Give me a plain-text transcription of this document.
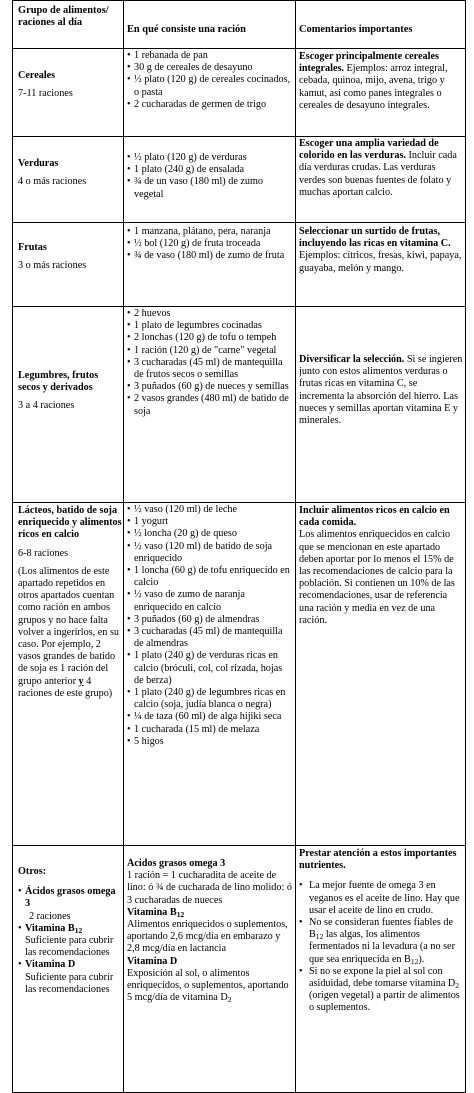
Grupo de alimentos/ raciones al día
En qué consiste una ración	Comentarios importantes

Cereales

7-11 raciones

• 1 rebanada de pan
• 30 g de cereales de desayuno
• ½ plato (120 g) de cereales cocinados, o pasta
• 2 cucharadas de germen de trigo
Escoger principalmente cereales integrales. Ejemplos: arroz integral, cebada, quinoa, mijo, avena, trigo y kamut, así como panes integrales o cereales de desayuno integrales.

Verduras

4 o más raciones

• ½ plato (120 g) de verduras
• 1 plato (240 g) de ensalada
• ¾ de un vaso (180 ml) de zumo vegetal
Escoger una amplia variedad de colorido en las verduras. Incluir cada día verduras crudas. Las verduras verdes son buenas fuentes de folato y muchas aportan calcio.

Frutas

3 o más raciones

• 1 manzana, plátano, pera, naranja
• ½ bol (120 g) de fruta troceada
• ¾ de vaso (180 ml) de zumo de fruta
Seleccionar un surtido de frutas, incluyendo las ricas en vitamina C. Ejemplos: cítricos, fresas, kiwi, papaya, guayaba, melón y mango.

Legumbres, frutos secos y derivados

3 a 4 raciones

• 2 huevos
• 1 plato de legumbres cocinadas
• 2 lonchas (120 g) de tofu o tempeh
• 1 ración (120 g) de "carne" vegetal
• 3 cucharadas (45 ml) de mantequilla de frutos secos o semillas
• 3 puñados (60 g) de nueces y semillas
• 2 vasos grandes (480 ml) de batido de soja
Diversificar la selección. Si se ingieren junto con estos alimentos verduras o frutas ricas en vitamina C, se incrementa la absorción del hierro. Las nueces y semillas aportan vitamina E y minerales.

Lácteos, batido de soja enriquecido y alimentos ricos en calcio

6-8 raciones

(Los alimentos de este apartado repetidos en otros apartados cuentan como ración en ambos grupos y no hace falta volver a ingerirlos, en su caso. Por ejemplo, 2 vasos grandes de batido de soja es 1 ración del grupo anterior y 4 raciones de este grupo)

• ½ vaso (120 ml) de leche
• 1 yogurt
• ½ loncha (20 g) de queso
• ½ vaso (120 ml) de batido de soja enriquecido
• 1 loncha (60 g) de tofu enriquecido en calcio
• ½ vaso de zumo de naranja enriquecido en calcio
• 3 puñados (60 g) de almendras
• 3 cucharadas (45 ml) de mantequilla de almendras
• 1 plato (240 g) de verduras ricas en calcio (bróculi, col, col rizada, hojas de berza)
• 1 plato (240 g) de legumbres ricas en calcio (soja, judía blanca o negra)
• ¼ de taza (60 ml) de alga hijiki seca
• 1 cucharada (15 ml) de melaza
• 5 higos

Incluir alimentos ricos en calcio en cada comida.

Los alimentos enriquecidos en calcio que se mencionan en este apartado deben aportar por lo menos el 15% de las recomendaciones de calcio para la población. Si contienen un 10% de las recomendaciones, usar de referencia una ración y media en vez de una ración.

Otros:

• Ácidos grasos omega 3
2 raciones
• Vitamina $B_{12}$
Suficiente para cubrir las recomendaciones
• Vitamina D
Suficiente para cubrir las recomendaciones

Ácidos grasos omega 3

1 ración = 1 cucharadita de aceite de lino: ó ¾ de cucharada de lino molido: ó 3 cucharadas de nueces

Vitamina $B_{12}$

Alimentos enriquecidos o suplementos, aportando 2,6 mcg/día en embarazo y 2,8 mcg/día en lactancia

Vitamina D

Exposición al sol, o alimentos enriquecidos, o suplementos, aportando 5 mcg/día de vitamina $D_2$

Prestar atención a estos importantes nutrientes.

• La mejor fuente de omega 3 en veganos es el aceite de lino. Hay que usar el aceite de lino en crudo.
• No se consideran fuentes fiables de $B_{12}$ las algas, los alimentos fermentados ni la levadura (a no ser que sea enriquecida en $B_{12}$).
• Si no se expone la piel al sol con asiduidad, debe tomarse vitamina $D_2$ (origen vegetal) a partir de alimentos o suplementos.
